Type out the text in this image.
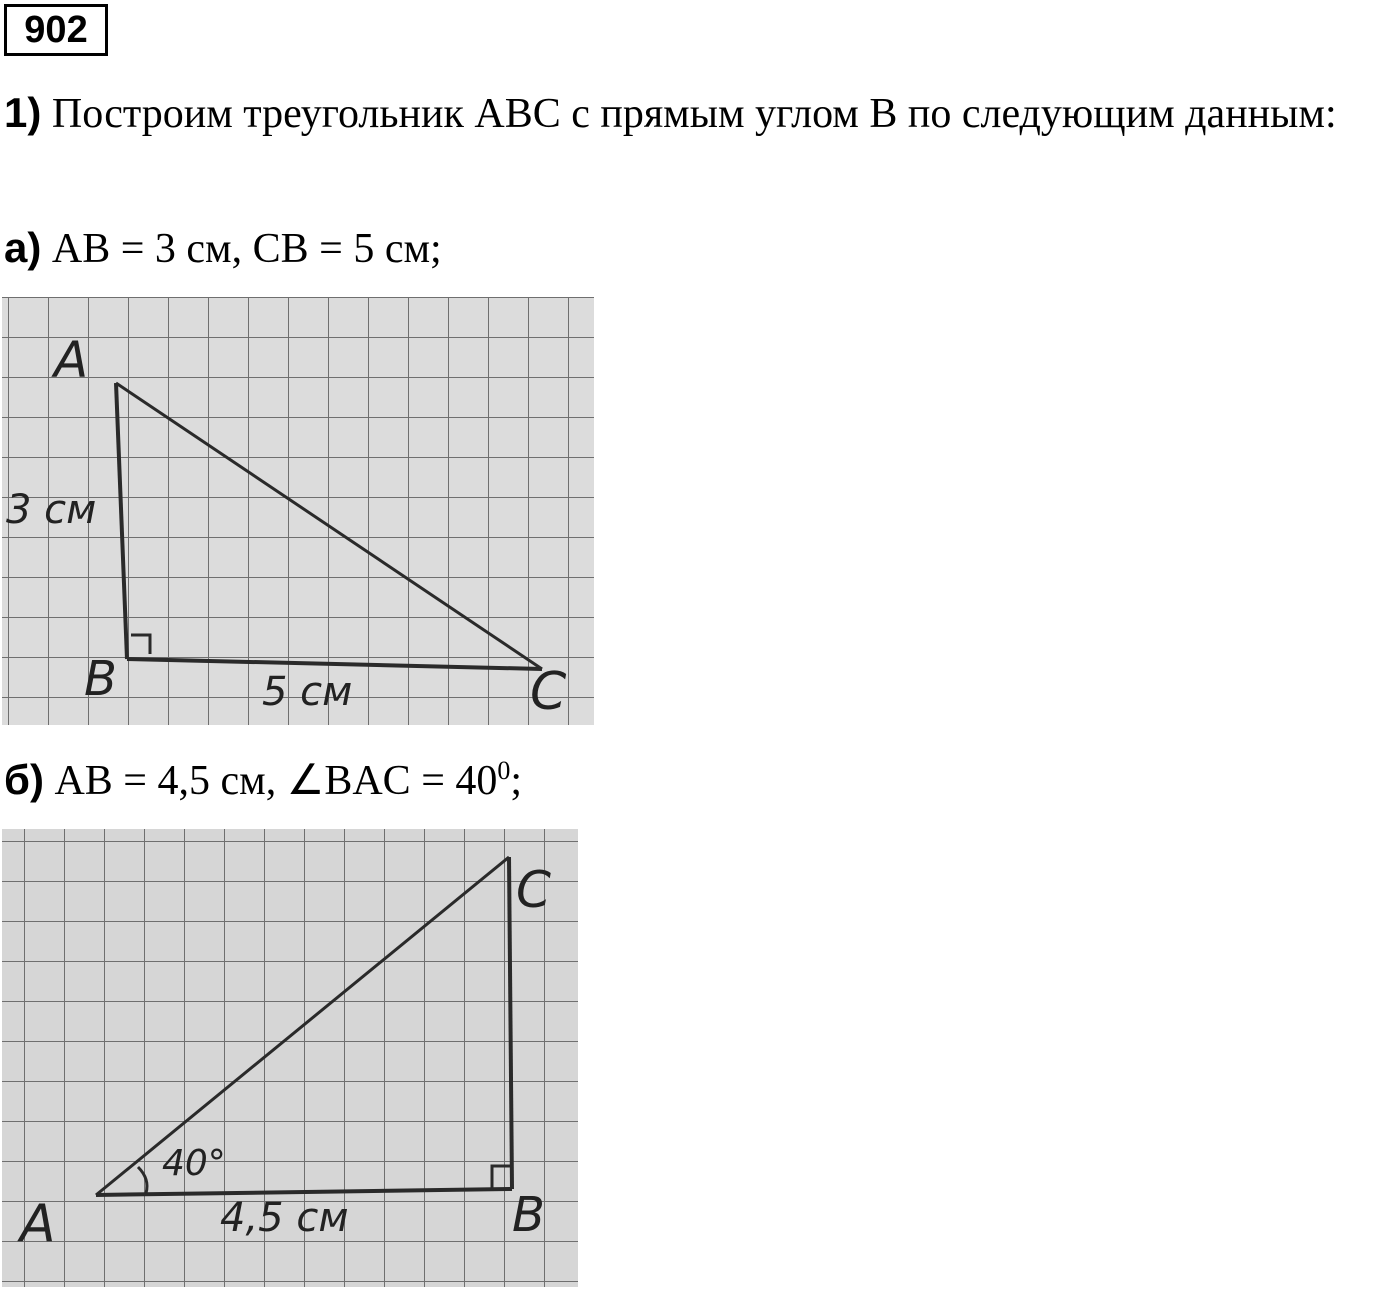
902
1) Построим треугольник ABC с прямым углом B по следующим данным:
а) AB = 3 см, CB = 5 см;
A
B	C
3 см
5 см
б) AB = 4,5 см, ∠BAC = $40^0$;
A	B
C
40°
4,5 см
